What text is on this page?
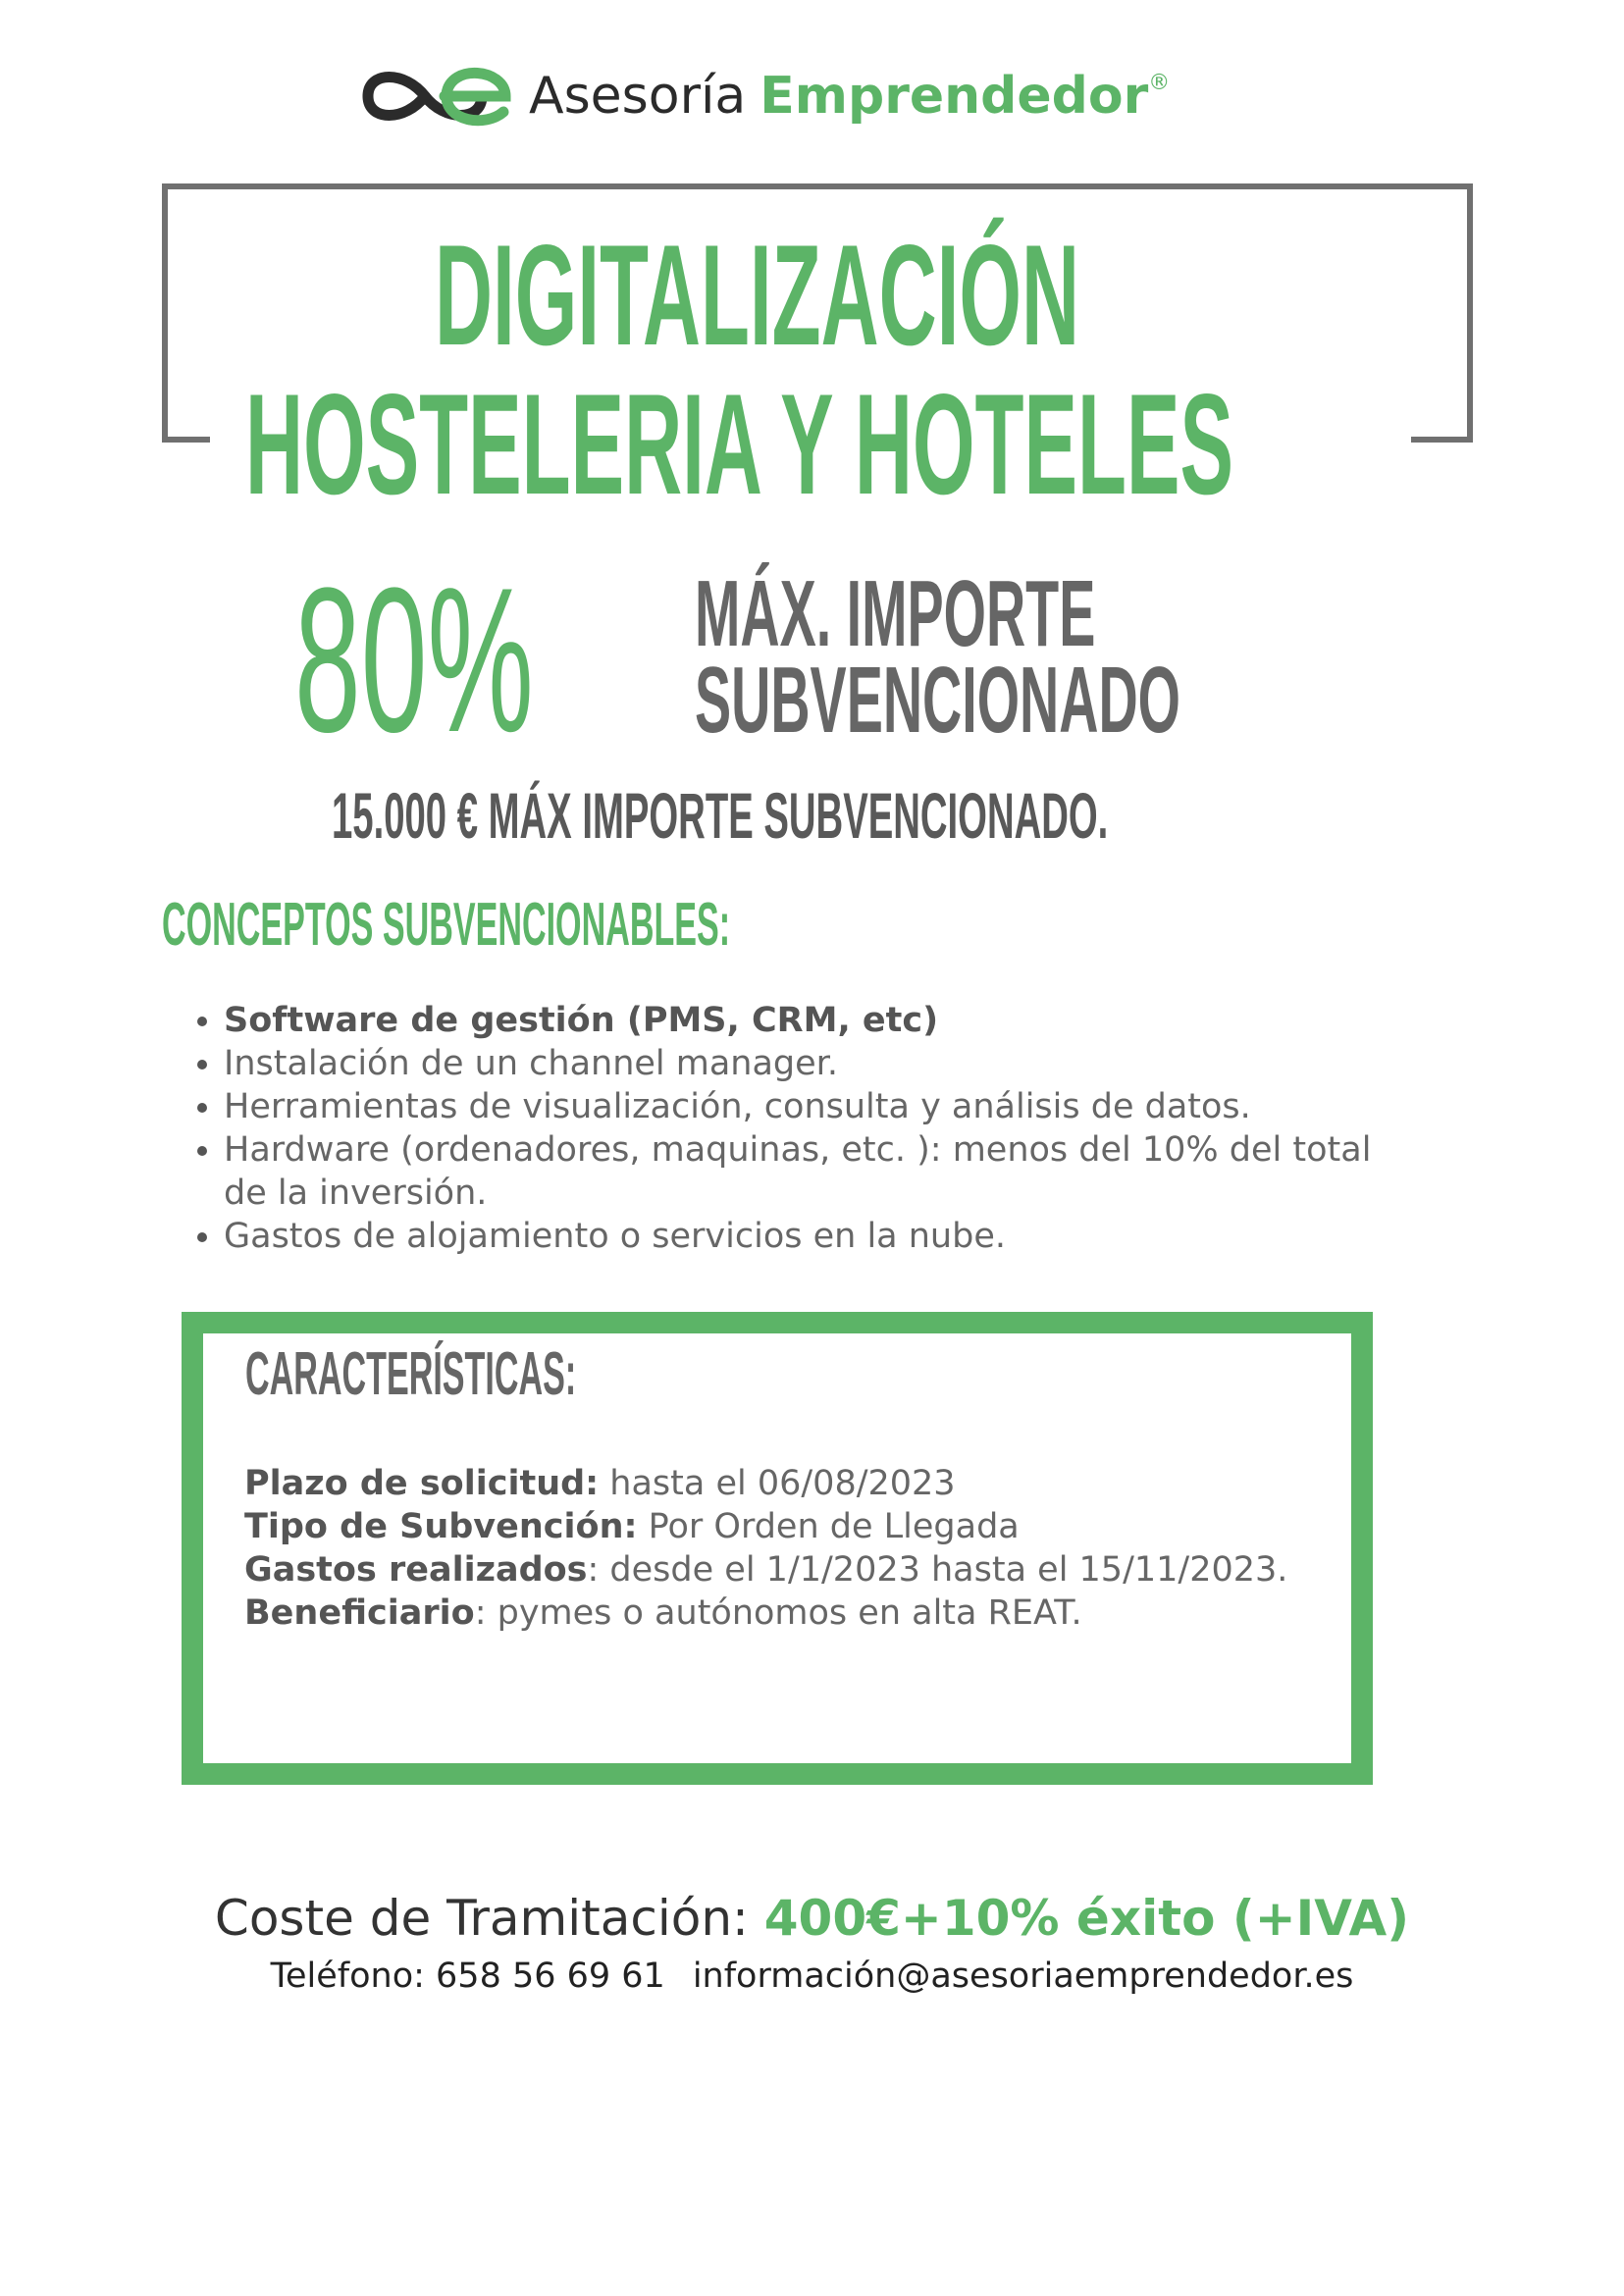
Asesoría Emprendedor®
DIGITALIZACIÓN
HOSTELERIA Y HOTELES
80% MÁX. IMPORTE
SUBVENCIONADO
15.000 € MÁX IMPORTE SUBVENCIONADO.
CONCEPTOS SUBVENCIONABLES:
• Software de gestión (PMS, CRM, etc)
• Instalación de un channel manager.
• Herramientas de visualización, consulta y análisis de datos.
• Hardware (ordenadores, maquinas, etc. ): menos del 10% del total de la inversión.
• Gastos de alojamiento o servicios en la nube.
CARACTERÍSTICAS:
Plazo de solicitud: hasta el 06/08/2023
Tipo de Subvención: Por Orden de Llegada
Gastos realizados: desde el 1/1/2023 hasta el 15/11/2023.
Beneficiario: pymes o autónomos en alta REAT.
Coste de Tramitación: 400€+10% éxito (+IVA)
Teléfono: 658 56 69 61 información@asesoriaemprendedor.es
